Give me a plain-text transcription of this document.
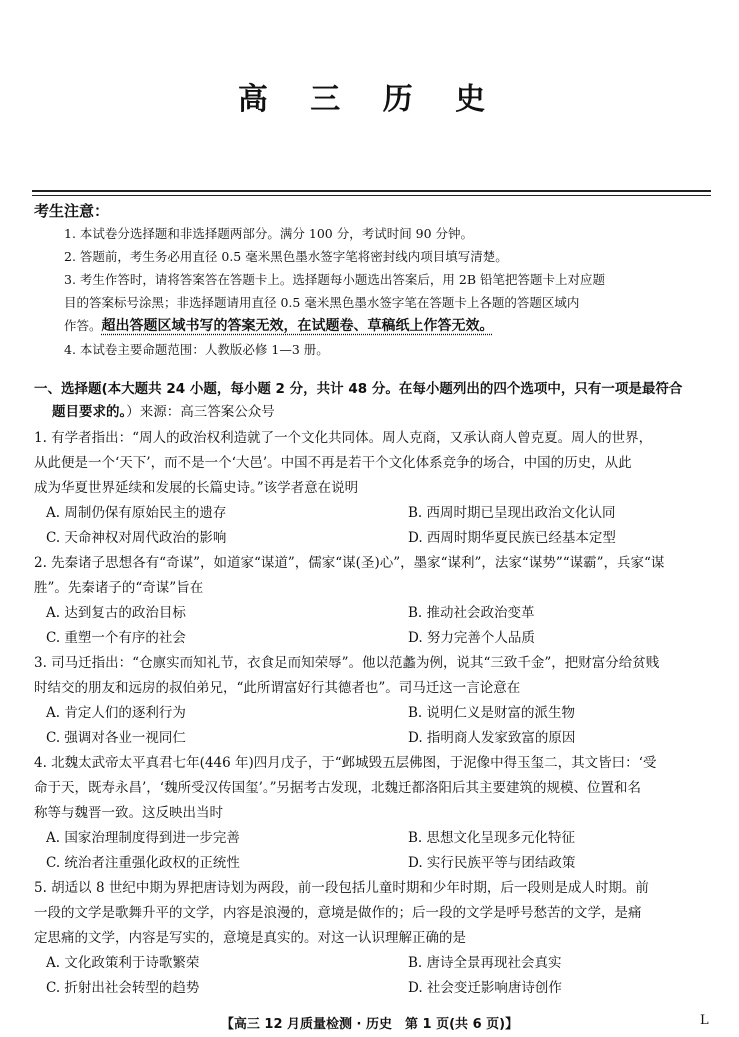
高 三 历 史
考生注意：
1. 本试卷分选择题和非选择题两部分。满分 100 分，考试时间 90 分钟。
2. 答题前，考生务必用直径 0.5 毫米黑色墨水签字笔将密封线内项目填写清楚。
3. 考生作答时，请将答案答在答题卡上。选择题每小题选出答案后，用 2B 铅笔把答题卡上对应题
目的答案标号涂黑；非选择题请用直径 0.5 毫米黑色墨水签字笔在答题卡上各题的答题区域内
作答。超出答题区域书写的答案无效，在试题卷、草稿纸上作答无效。
4. 本试卷主要命题范围：人教版必修 1—3 册。
一、选择题(本大题共 24 小题，每小题 2 分，共计 48 分。在每小题列出的四个选项中，只有一项是最符合
题目要求的。）来源：高三答案公众号
1. 有学者指出：“周人的政治权利造就了一个文化共同体。周人克商，又承认商人曾克夏。周人的世界，
从此便是一个‘天下’，而不是一个‘大邑’。中国不再是若干个文化体系竞争的场合，中国的历史，从此
成为华夏世界延续和发展的长篇史诗。”该学者意在说明
A. 周制仍保有原始民主的遗存	B. 西周时期已呈现出政治文化认同
C. 天命神权对周代政治的影响	D. 西周时期华夏民族已经基本定型
2. 先秦诸子思想各有“奇谋”，如道家“谋道”，儒家“谋(圣)心”，墨家“谋利”，法家“谋势”“谋霸”，兵家“谋
胜”。先秦诸子的“奇谋”旨在
A. 达到复古的政治目标	B. 推动社会政治变革
C. 重塑一个有序的社会	D. 努力完善个人品质
3. 司马迁指出：“仓廪实而知礼节，衣食足而知荣辱”。他以范蠡为例，说其“三致千金”，把财富分给贫贱
时结交的朋友和远房的叔伯弟兄，“此所谓富好行其德者也”。司马迁这一言论意在
A. 肯定人们的逐利行为	B. 说明仁义是财富的派生物
C. 强调对各业一视同仁	D. 指明商人发家致富的原因
4. 北魏太武帝太平真君七年(446 年)四月戊子，于“邺城毁五层佛图，于泥像中得玉玺二，其文皆曰：‘受
命于天，既寿永昌’，‘魏所受汉传国玺’。”另据考古发现，北魏迁都洛阳后其主要建筑的规模、位置和名
称等与魏晋一致。这反映出当时
A. 国家治理制度得到进一步完善	B. 思想文化呈现多元化特征
C. 统治者注重强化政权的正统性	D. 实行民族平等与团结政策
5. 胡适以 8 世纪中期为界把唐诗划为两段，前一段包括儿童时期和少年时期，后一段则是成人时期。前
一段的文学是歌舞升平的文学，内容是浪漫的，意境是做作的；后一段的文学是呼号愁苦的文学，是痛
定思痛的文学，内容是写实的，意境是真实的。对这一认识理解正确的是
A. 文化政策利于诗歌繁荣	B. 唐诗全景再现社会真实
C. 折射出社会转型的趋势	D. 社会变迁影响唐诗创作
【高三 12 月质量检测 · 历史　第 1 页(共 6 页)】	L
